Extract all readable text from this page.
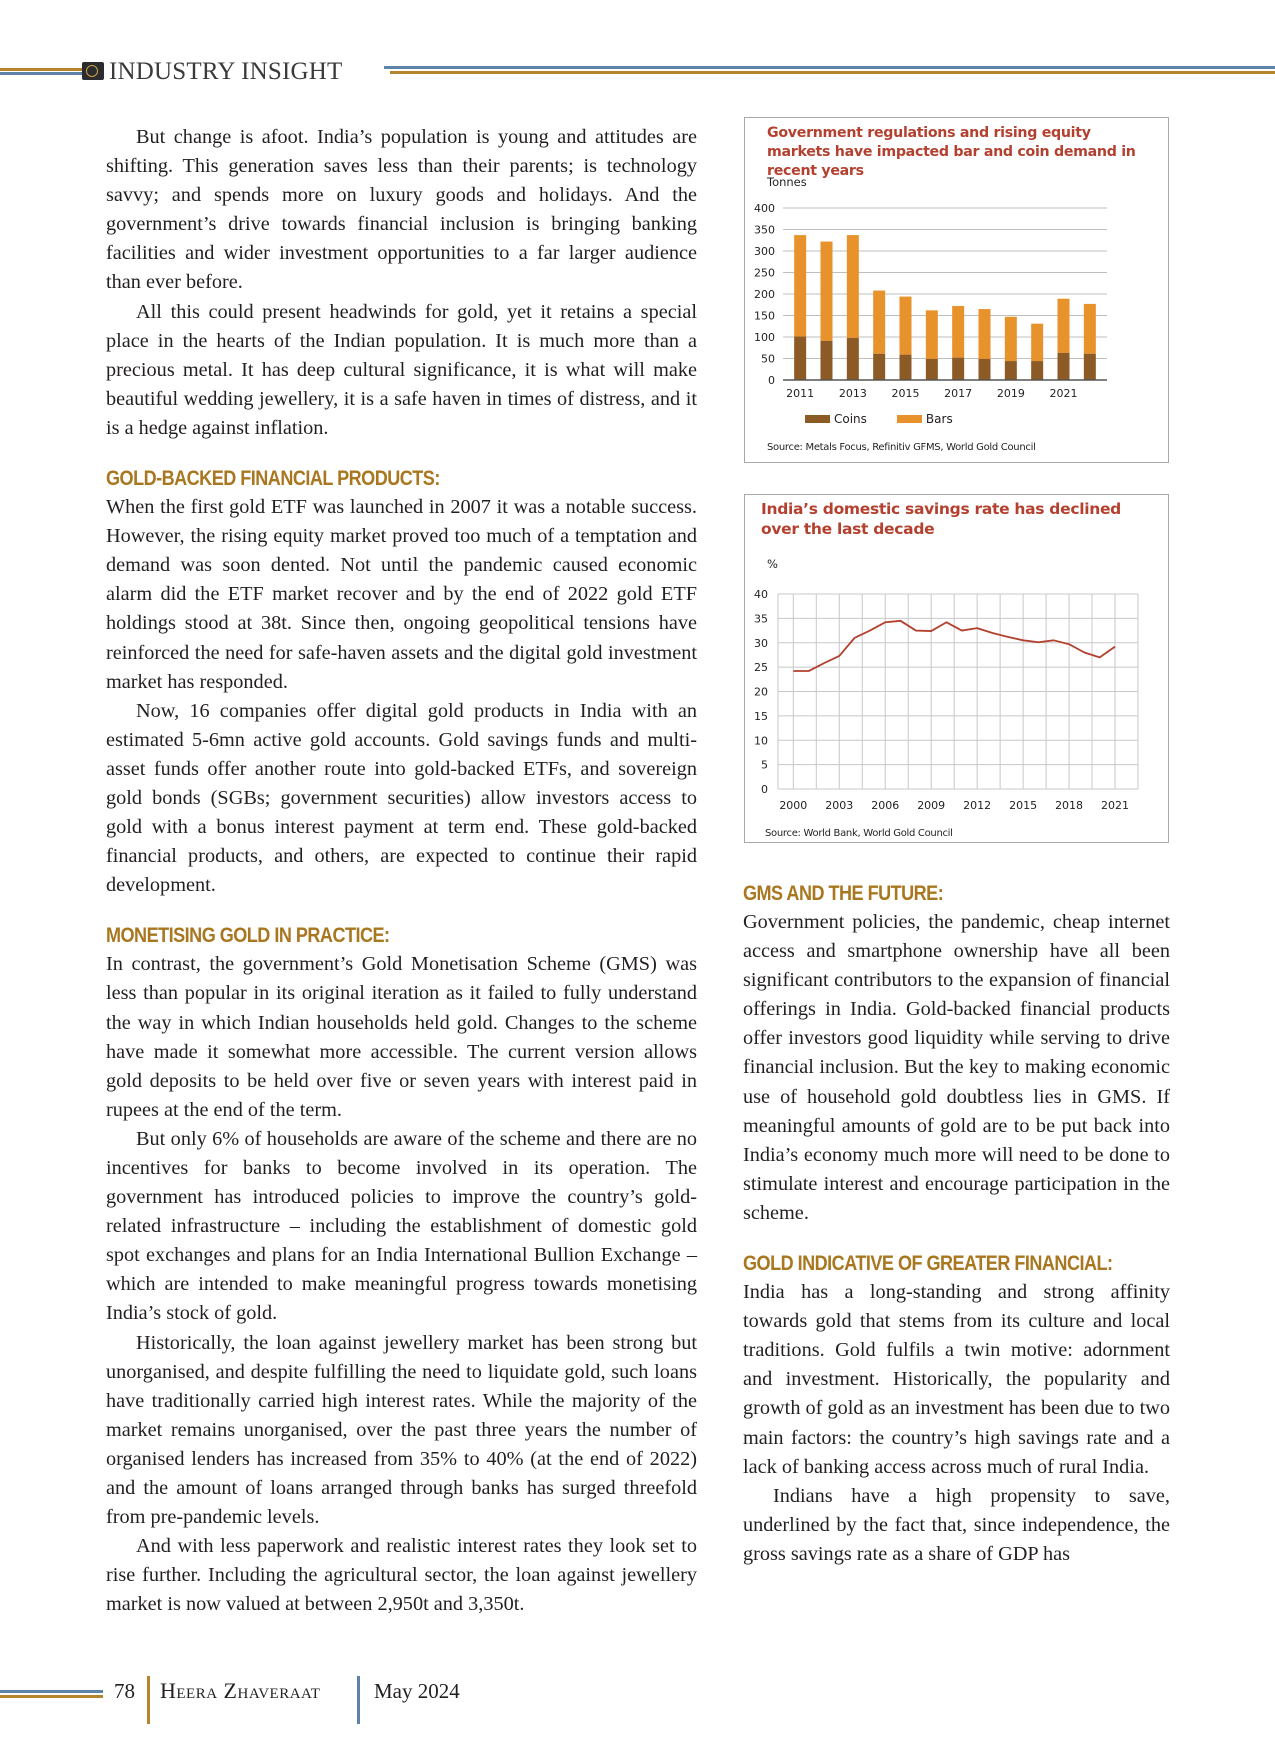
INDUSTRY INSIGHT

But change is afoot. India’s population is young and attitudes are shifting. This generation saves less than their parents; is technology savvy; and spends more on luxury goods and holidays. And the government’s drive towards financial inclusion is bringing banking facilities and wider investment opportunities to a far larger audience than ever before.

All this could present headwinds for gold, yet it retains a special place in the hearts of the Indian population. It is much more than a precious metal. It has deep cultural significance, it is what will make beautiful wedding jewellery, it is a safe haven in times of distress, and it is a hedge against inflation.

GOLD-BACKED FINANCIAL PRODUCTS:

When the first gold ETF was launched in 2007 it was a notable success. However, the rising equity market proved too much of a temptation and demand was soon dented. Not until the pandemic caused economic alarm did the ETF market recover and by the end of 2022 gold ETF holdings stood at 38t. Since then, ongoing geopolitical tensions have reinforced the need for safe-haven assets and the digital gold investment market has responded.

Now, 16 companies offer digital gold products in India with an estimated 5-6mn active gold accounts. Gold savings funds and multi-asset funds offer another route into gold-backed ETFs, and sovereign gold bonds (SGBs; government securities) allow investors access to gold with a bonus interest payment at term end. These gold-backed financial products, and others, are expected to continue their rapid development.

MONETISING GOLD IN PRACTICE:

In contrast, the government’s Gold Monetisation Scheme (GMS) was less than popular in its original iteration as it failed to fully understand the way in which Indian households held gold. Changes to the scheme have made it somewhat more accessible. The current version allows gold deposits to be held over five or seven years with interest paid in rupees at the end of the term.

But only 6% of households are aware of the scheme and there are no incentives for banks to become involved in its operation. The government has introduced policies to improve the country’s gold-related infrastructure – including the establishment of domestic gold spot exchanges and plans for an India International Bullion Exchange – which are intended to make meaningful progress towards monetising India’s stock of gold.

Historically, the loan against jewellery market has been strong but unorganised, and despite fulfilling the need to liquidate gold, such loans have traditionally carried high interest rates. While the majority of the market remains unorganised, over the past three years the number of organised lenders has increased from 35% to 40% (at the end of 2022) and the amount of loans arranged through banks has surged threefold from pre-pandemic levels.

And with less paperwork and realistic interest rates they look set to rise further. Including the agricultural sector, the loan against jewellery market is now valued at between 2,950t and 3,350t.

Government regulations and rising equity markets have impacted bar and coin demand in recent years
Tonnes
0
50
100
150
200
250
300
350
400
2011 2013 2015 2017 2019 2021
Coins	Bars
Source: Metals Focus, Refinitiv GFMS, World Gold Council
India’s domestic savings rate has declined over the last decade
%
0
5
10
15
20
25
30
35
40
2000 2003 2006 2009 2012 2015 2018 2021
Source: World Bank, World Gold Council
GMS AND THE FUTURE:

Government policies, the pandemic, cheap internet access and smartphone ownership have all been significant contributors to the expansion of financial offerings in India. Gold-backed financial products offer investors good liquidity while serving to drive financial inclusion. But the key to making economic use of household gold doubtless lies in GMS. If meaningful amounts of gold are to be put back into India’s economy much more will need to be done to stimulate interest and encourage participation in the scheme.

GOLD INDICATIVE OF GREATER FINANCIAL:

India has a long-standing and strong affinity towards gold that stems from its culture and local traditions. Gold fulfils a twin motive: adornment and investment. Historically, the popularity and growth of gold as an investment has been due to two main factors: the country’s high savings rate and a lack of banking access across much of rural India.

Indians have a high propensity to save, underlined by the fact that, since independence, the gross savings rate as a share of GDP has

78 Heera Zhaveraat	May 2024
